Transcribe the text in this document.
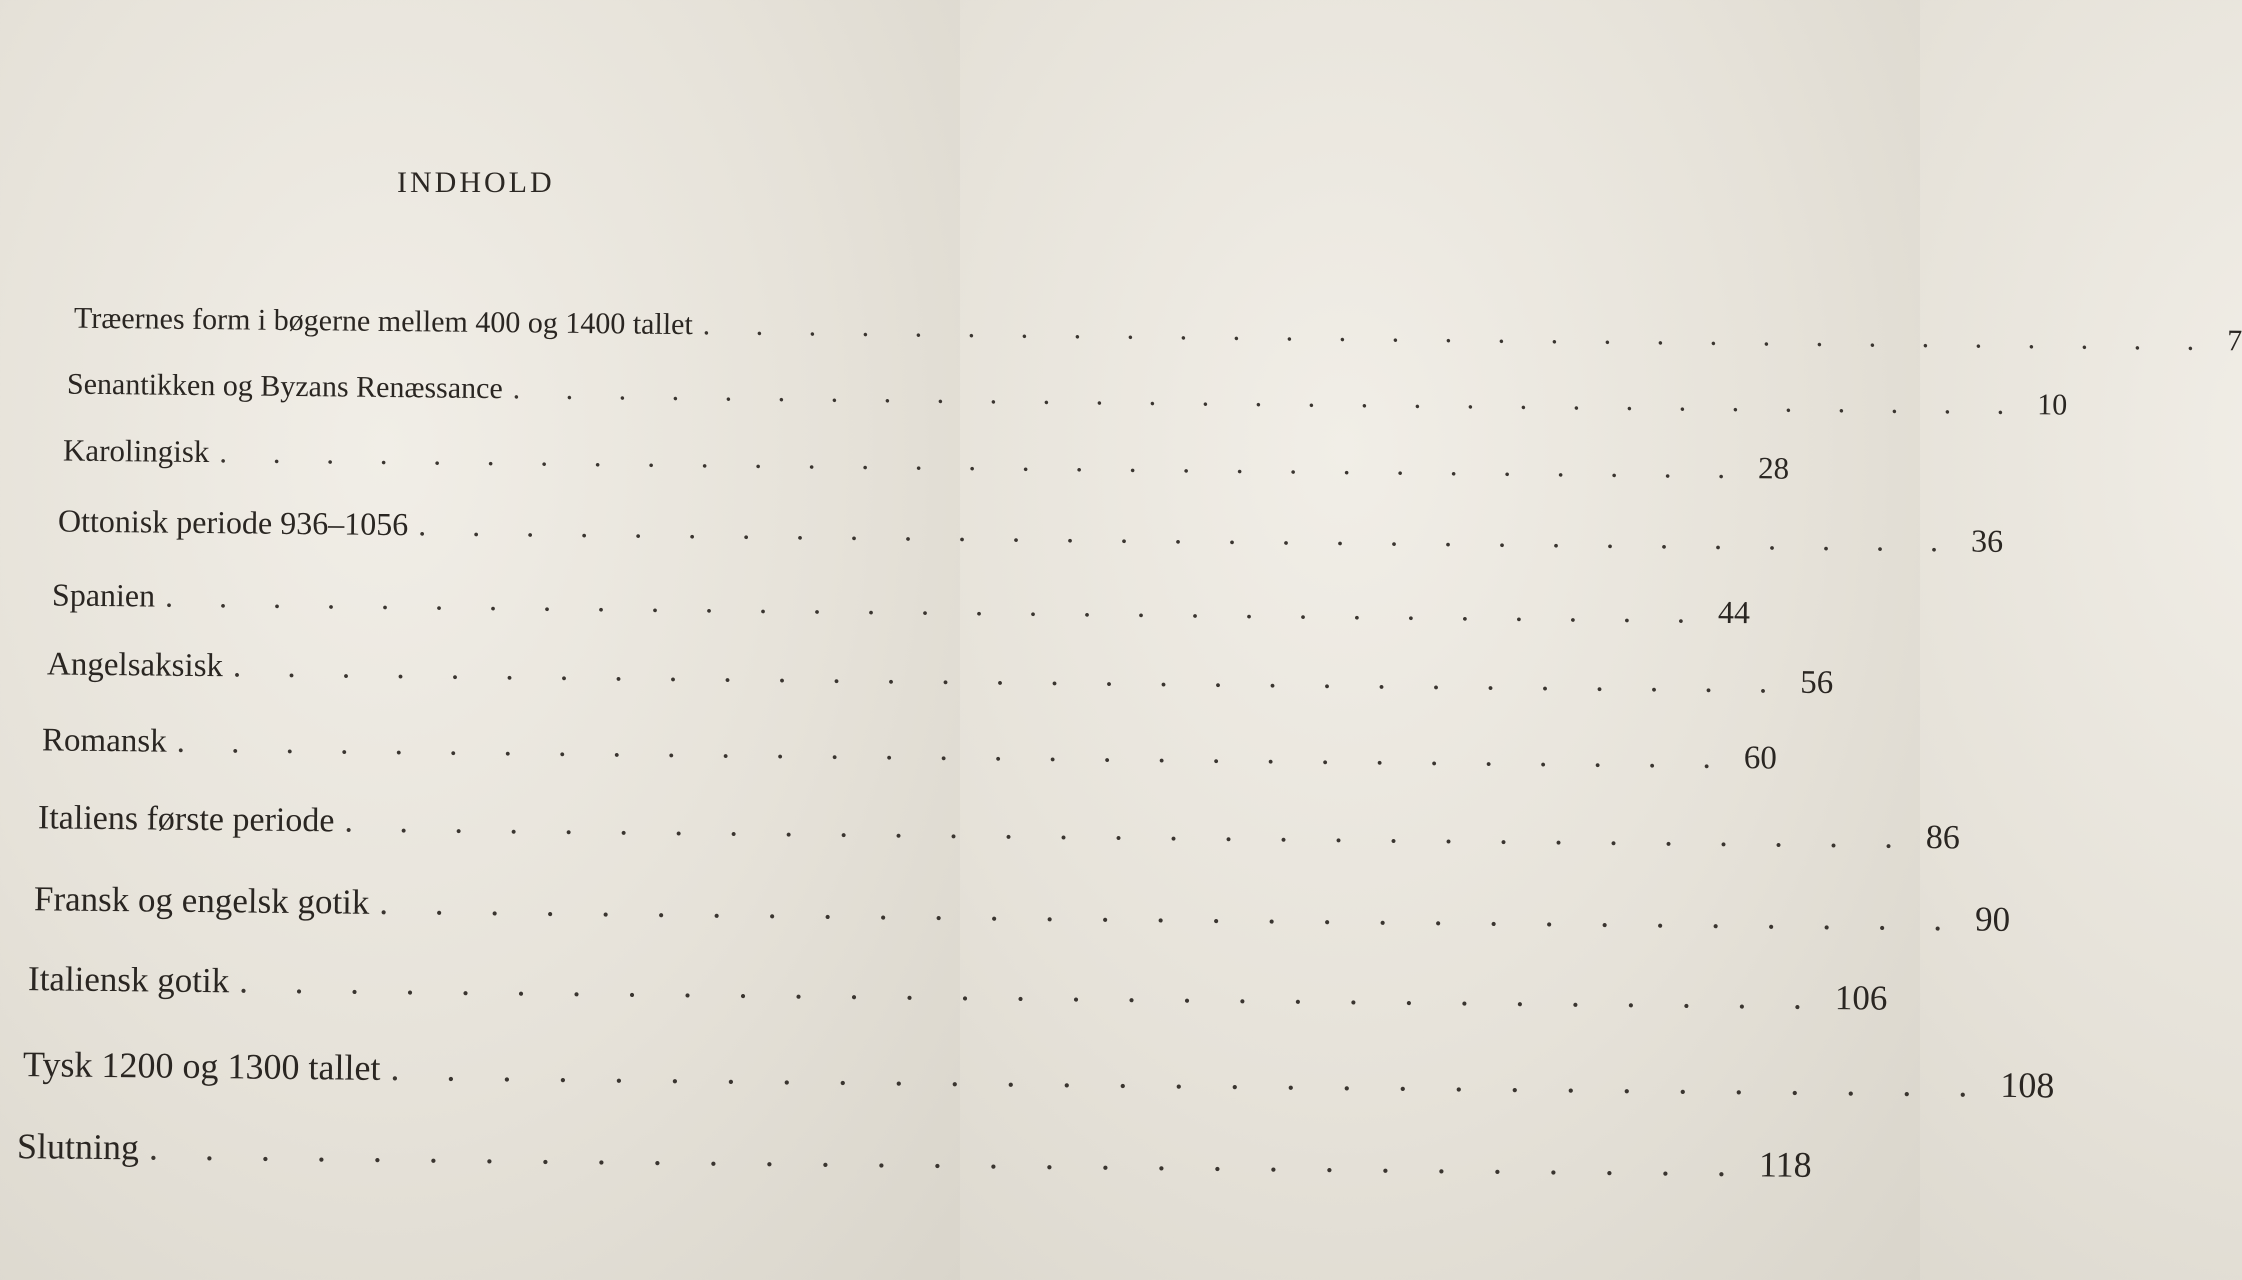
INDHOLD
Træernes form i bøgerne mellem 400 og 1400 tallet . . . . . . . . . . . . . . . . . . . . . . . . . . . . . 7
Senantikken og Byzans Renæssance . . . . . . . . . . . . . . . . . . . . . . . . . . . . . 10
Karolingisk . . . . . . . . . . . . . . . . . . . . . . . . . . . . . 28
Ottonisk periode 936–1056 . . . . . . . . . . . . . . . . . . . . . . . . . . . . . 36
Spanien . . . . . . . . . . . . . . . . . . . . . . . . . . . . . 44
Angelsaksisk . . . . . . . . . . . . . . . . . . . . . . . . . . . . . 56
Romansk . . . . . . . . . . . . . . . . . . . . . . . . . . . . . 60
Italiens første periode . . . . . . . . . . . . . . . . . . . . . . . . . . . . . 86
Fransk og engelsk gotik . . . . . . . . . . . . . . . . . . . . . . . . . . . . . 90
Italiensk gotik . . . . . . . . . . . . . . . . . . . . . . . . . . . . . 106
Tysk 1200 og 1300 tallet . . . . . . . . . . . . . . . . . . . . . . . . . . . . . 108
Slutning . . . . . . . . . . . . . . . . . . . . . . . . . . . . . 118
